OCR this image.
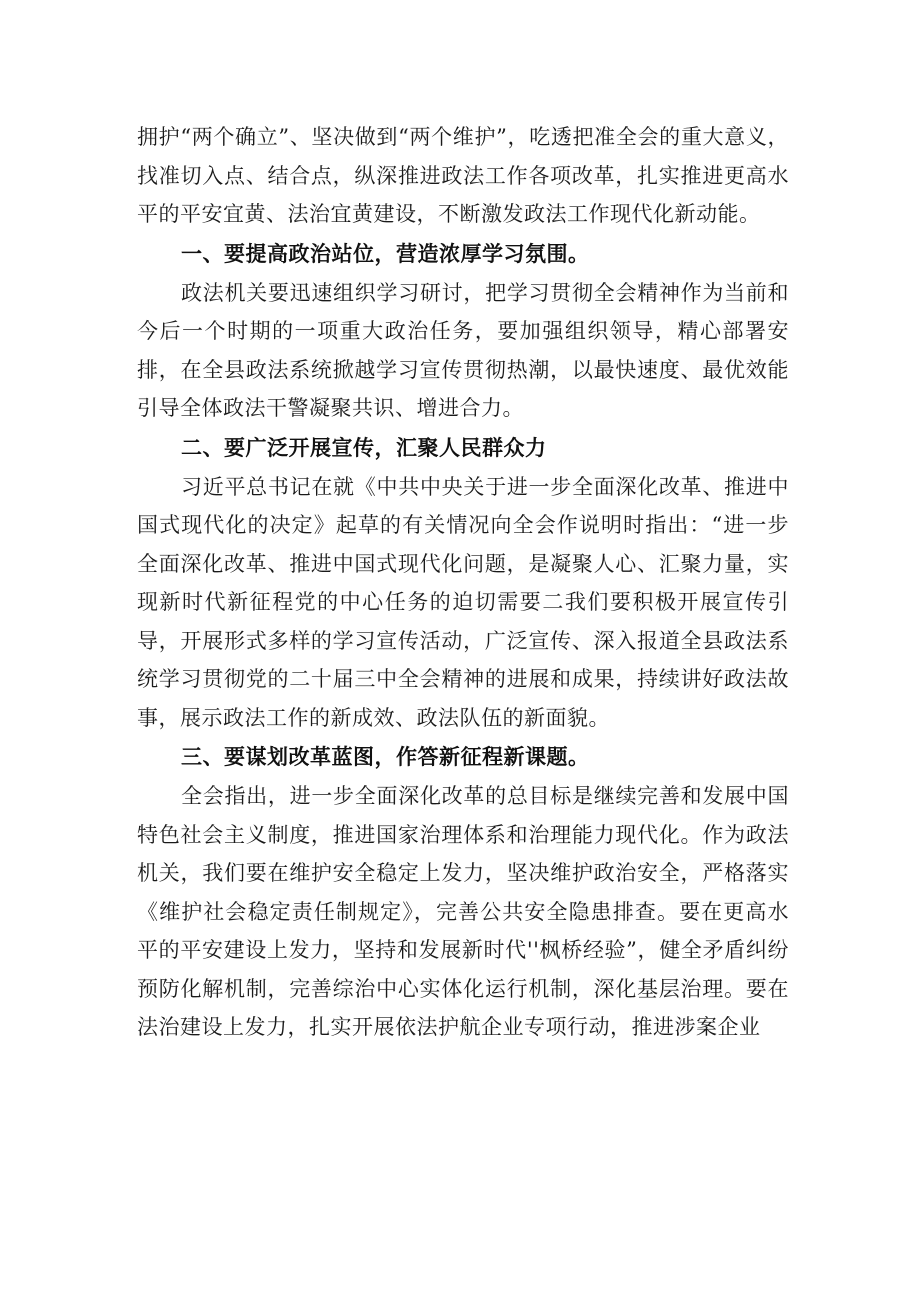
拥护“两个确立”、坚决做到“两个维护”，吃透把准全会的重大意义，找准切入点、结合点，纵深推进政法工作各项改革，扎实推进更高水平的平安宜黄、法治宜黄建设，不断激发政法工作现代化新动能。

一、要提高政治站位，营造浓厚学习氛围。

政法机关要迅速组织学习研讨，把学习贯彻全会精神作为当前和今后一个时期的一项重大政治任务，要加强组织领导，精心部署安排，在全县政法系统掀越学习宣传贯彻热潮，以最快速度、最优效能引导全体政法干警凝聚共识、增进合力。

二、要广泛开展宣传，汇聚人民群众力

习近平总书记在就《中共中央关于进一步全面深化改革、推进中国式现代化的决定》起草的有关情况向全会作说明时指出：“进一步全面深化改革、推进中国式现代化问题，是凝聚人心、汇聚力量，实现新时代新征程党的中心任务的迫切需要二我们要积极开展宣传引导，开展形式多样的学习宣传活动，广泛宣传、深入报道全县政法系统学习贯彻党的二十届三中全会精神的进展和成果，持续讲好政法故事，展示政法工作的新成效、政法队伍的新面貌。

三、要谋划改革蓝图，作答新征程新课题。

全会指出，进一步全面深化改革的总目标是继续完善和发展中国特色社会主义制度，推进国家治理体系和治理能力现代化。作为政法机关，我们要在维护安全稳定上发力，坚决维护政治安全，严格落实《维护社会稳定责任制规定》，完善公共安全隐患排查。要在更高水平的平安建设上发力，坚持和发展新时代''枫桥经验”，健全矛盾纠纷预防化解机制，完善综治中心实体化运行机制，深化基层治理。要在法治建设上发力，扎实开展依法护航企业专项行动，推进涉案企业
